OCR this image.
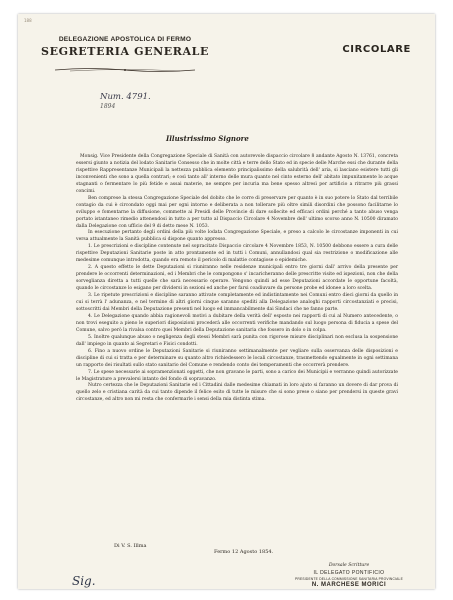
188
DELEGAZIONE APOSTOLICA DI FERMO
SEGRETERIA GENERALE	CIRCOLARE
Num. 4791.
1894
Illustrissimo Signore

Monsig. Vice Presidente della Congregazione Speciale di Sanità con autorevole dispaccio circolare 8 andante Agosto N. 13761, concreta essersi giunto a notizia del lodato Sanitario Consesso che in molte città e terre dello Stato ed in specie delle Marche essi che durante della rispettive Rappresentanze Municipali la nettezza pubblica elemento principalissimo della salubrità dell' aria, si lasciano esistere tutti gli inconvenienti che sono a quella contrari; e così tanto all' interno delle mura quanto nel cinto esterno dell' abitato impunitamente lo acque stagnanti o fermentare lo più fetide e assai materie, ne sempre per incuria ma bene spesso altresì per artificio a ritrarre più grassi concimi.

Ben comprese la stessa Congregazione Speciale del dobito che le corre di preservare per quanto è in suo potere lo Stato dal terribile contagio da cui è circondato oggi mai per ogni intorno e deliberata a non tollerare più oltre simili disordini che possono facilitarne lo sviluppo e fomentarne la diffusione, commette ai Presidi delle Provincie di dare sollecite ed efficaci ordini perché a tanto abuso venga portato istantaneo rimedio attenendosi in tutto a per tutto al Dispaccio Circolare 4 Novembre dell' ultimo scorso anno N. 10500 diramato dalla Delegazione con ufficio del 9 di detto mese N. 1053.

In esecuzione pertanto degli ordini della più volte lodata Congregazione Speciale, e preso a calcolo le circostanze imponenti in cui versa attualmente la Sanità pubblica si dispone quanto appresso.

1. Le prescrizioni e discipline contenute nel sopracitato Dispaccio circolare 4 Novembre 1853, N. 10500 debbono essere a cura delle rispettive Deputazioni Sanitarie poste in atto prontamente ed in tutti i Comuni, annullandosi qual sia restrizione o modificazione alle medesime comunque introdotta, quando era remoto il pericolo di malattie contagiose o epidemiche.

2. A questo effetto le dette Deputazioni si riuniranno nelle residenze municipali entro tre giorni dall' arrivo della presente per prendere le occorrenti determinazioni, ed i Membri che le compongono s' incaricheranno delle prescritte visite ed ispezioni, non che della sorveglianza diretta a tutti quelle che sarà necessario operare. Vengono quindi ad esse Deputazioni accordate le opportune facoltà, quando le circostanze lo esigano per dividersi in sezioni ed anche per farsi coadiuvare da persone probe ed idonee a loro scelta.

3. Le ripetute prescrizioni e discipline saranno attivate completamente ed indistintamente nei Comuni entro dieci giorni da quello in cui si terrà l' adunanza, e nel termine di altri giorni cinque saranno spediti alla Delegazione analoghi rapporti circostanziati e precisi, sottoscritti dai Membri della Deputazione presenti nel luogo ed immancabilmente dai Sindaci che ne fanno parte.

4. Le Delegazione quando abbia ragionevoli motivi a dubitare della verità dell' esposto nei rapporti di cui al Numero antecedente, o non trovi eseguito a pieno le superiori disposizioni procederà alle occorrenti verifiche mandando sul luogo persona di fiducia a spese del Comune, salvo però la rivalsa contro quei Membri della Deputazione sanitaria che fossero in dolo o in colpa.

5. Inoltre qualunque abuso o negligenza degli stessi Membri sarà punita con rigorose misure disciplinari non esclusa la sospensione dall' impiego in quanto ai Segretari e Fisici condotti.

6. Fino a nuovo ordine le Deputazioni Sanitarie si riuniranno settimanalmente per vegliare sulla osservanza delle disposizioni e discipline di cui si tratta e per determinare su quanto altro richiedessero le locali circostanze, trasmettendo egualmente in ogni settimana un rapporto dei risultati sullo stato sanitario del Comune e rendendo conto dei temperamenti che occorrerà prendere.

7. Le spese necessarie ai sopramenzionati oggetti, che non gravano le parti, sono a carico dei Municipii e verranno quindi autorizzate le Magistrature a prevalersi intanto del fondo di sopravanzo.

Nutro certezza che le Deputazioni Sanitarie ed i Cittadini dalle medesime chiamati in loro ajuto si faranno un dovere di dar prova di quello zelo e cristiana carità da cui tanto dipende il felice esito di tutte le misure che si sono prese o siano per prendersi in queste gravi circostanze, ed altro non mi resta che confermarle i sensi della mia distinta stima.

Di V. S. Illma
Fermo 12 Agosto 1854.
Dorsale Scritture
IL DELEGATO PONTIFICIO
PRESIDENTE DELLA COMMISSIONE SANITARIA PROVINCIALE
N. MARCHESE MORICI
Sig.
